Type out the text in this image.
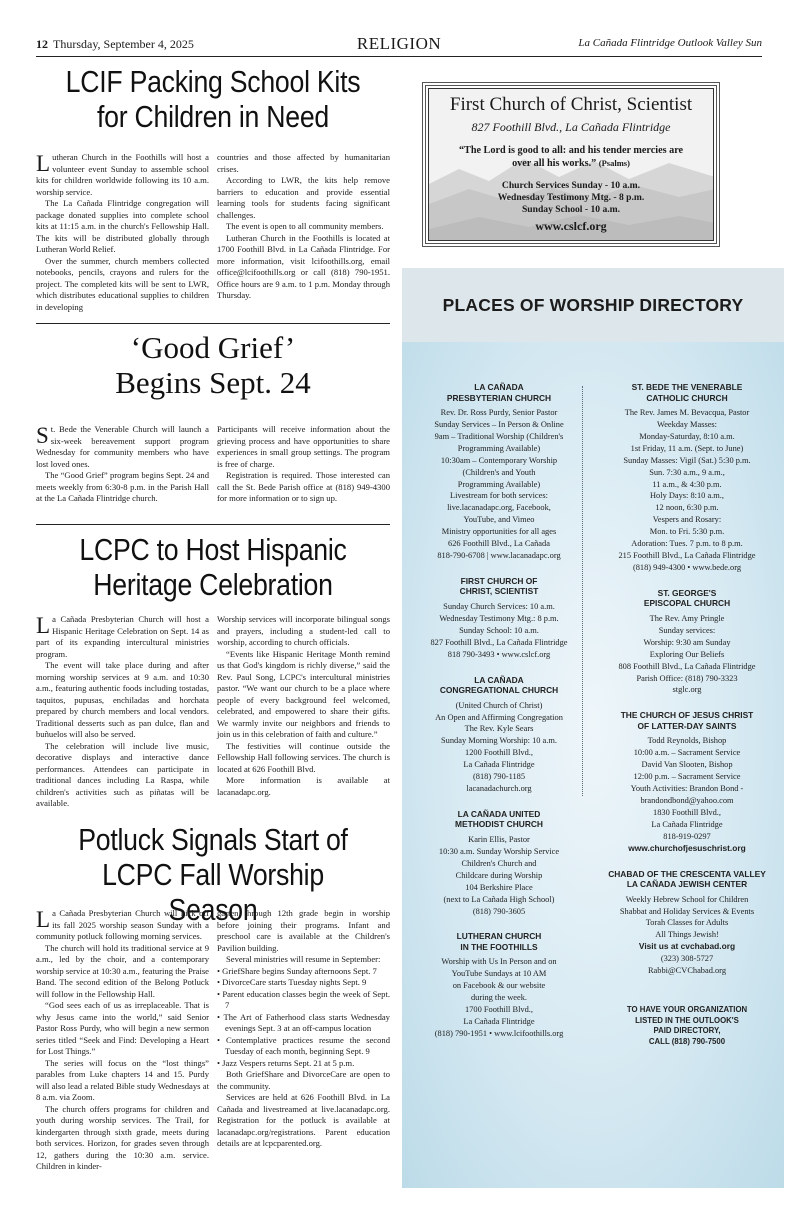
12 Thursday, September 4, 2025	RELIGION	La Cañada Flintridge Outlook Valley Sun
LCIF Packing School Kits
for Children in Need

Lutheran Church in the Foothills will host a volunteer event Sunday to assemble school kits for children worldwide following its 10 a.m. worship service.

The La Cañada Flintridge congregation will package donated supplies into complete school kits at 11:15 a.m. in the church's Fellowship Hall. The kits will be distributed globally through Lutheran World Relief.

Over the summer, church members collected notebooks, pencils, crayons and rulers for the project. The completed kits will be sent to LWR, which distributes educational supplies to children in developing

countries and those affected by humanitarian crises.

According to LWR, the kits help remove barriers to education and provide essential learning tools for students facing significant challenges.

The event is open to all community members.

Lutheran Church in the Foothills is located at 1700 Foothill Blvd. in La Cañada Flintridge. For more information, visit lcifoothills.org, email office@lcifoothills.org or call (818) 790-1951. Office hours are 9 a.m. to 1 p.m. Monday through Thursday.

‘Good Grief’
Begins Sept. 24

St. Bede the Venerable Church will launch a six-week bereavement support program Wednesday for community members who have lost loved ones.

The “Good Grief” program begins Sept. 24 and meets weekly from 6:30-8 p.m. in the Parish Hall at the La Cañada Flintridge church.

Participants will receive information about the grieving process and have opportunities to share experiences in small group settings. The program is free of charge.

Registration is required. Those interested can call the St. Bede Parish office at (818) 949-4300 for more information or to sign up.

LCPC to Host Hispanic
Heritage Celebration

La Cañada Presbyterian Church will host a Hispanic Heritage Celebration on Sept. 14 as part of its expanding intercultural ministries program.

The event will take place during and after morning worship services at 9 a.m. and 10:30 a.m., featuring authentic foods including tostadas, taquitos, pupusas, enchiladas and horchata prepared by church members and local vendors. Traditional desserts such as pan dulce, flan and buñuelos will also be served.

The celebration will include live music, decorative displays and interactive dance performances. Attendees can participate in traditional dances including La Raspa, while children's activities such as piñatas will be available.

Worship services will incorporate bilingual songs and prayers, including a student-led call to worship, according to church officials.

“Events like Hispanic Heritage Month remind us that God's kingdom is richly diverse,” said the Rev. Paul Song, LCPC's intercultural ministries pastor. “We want our church to be a place where people of every background feel welcomed, celebrated, and empowered to share their gifts. We warmly invite our neighbors and friends to join us in this celebration of faith and culture.”

The festivities will continue outside the Fellowship Hall following services. The church is located at 626 Foothill Blvd.

More information is available at lacanadapc.org.

Potluck Signals Start of
LCPC Fall Worship Season

La Cañada Presbyterian Church will kick off its fall 2025 worship season Sunday with a community potluck following morning services.

The church will hold its traditional service at 9 a.m., led by the choir, and a contemporary worship service at 10:30 a.m., featuring the Praise Band. The second edition of the Belong Potluck will follow in the Fellowship Hall.

“God sees each of us as irreplaceable. That is why Jesus came into the world,” said Senior Pastor Ross Purdy, who will begin a new sermon series titled “Seek and Find: Developing a Heart for Lost Things.”

The series will focus on the “lost things” parables from Luke chapters 14 and 15. Purdy will also lead a related Bible study Wednesdays at 8 a.m. via Zoom.

The church offers programs for children and youth during worship services. The Trail, for kindergarten through sixth grade, meets during both services. Horizon, for grades seven through 12, gathers during the 10:30 a.m. service. Children in kinder-

garten through 12th grade begin in worship before joining their programs. Infant and preschool care is available at the Children's Pavilion building.

Several ministries will resume in September:

• GriefShare begins Sunday afternoons Sept. 7
• DivorceCare starts Tuesday nights Sept. 9
• Parent education classes begin the week of Sept. 7
• The Art of Fatherhood class starts Wednesday evenings Sept. 3 at an off-campus location
• Contemplative practices resume the second Tuesday of each month, beginning Sept. 9
• Jazz Vespers returns Sept. 21 at 5 p.m.

Both GriefShare and DivorceCare are open to the community.

Services are held at 626 Foothill Blvd. in La Cañada and livestreamed at live.lacanadapc.org. Registration for the potluck is available at lacanadapc.org/registrations. Parent education details are at lcpcparented.org.

First Church of Christ, Scientist
827 Foothill Blvd., La Cañada Flintridge
“The Lord is good to all: and his tender mercies are over all his works.” (Psalms)
Church Services Sunday - 10 a.m.
Wednesday Testimony Mtg. - 8 p.m.
Sunday School - 10 a.m.
www.cslcf.org
PLACES OF WORSHIP DIRECTORY
LA CAÑADA
PRESBYTERIAN CHURCH
Rev. Dr. Ross Purdy, Senior Pastor
Sunday Services – In Person & Online
9am – Traditional Worship (Children's
Programming Available)
10:30am – Contemporary Worship
(Children's and Youth
Programming Available)
Livestream for both services:
live.lacanadapc.org, Facebook,
YouTube, and Vimeo
Ministry opportunities for all ages
626 Foothill Blvd., La Cañada
818-790-6708 | www.lacanadapc.org
FIRST CHURCH OF
CHRIST, SCIENTIST
Sunday Church Services: 10 a.m.
Wednesday Testimony Mtg.: 8 p.m.
Sunday School: 10 a.m.
827 Foothill Blvd., La Cañada Flintridge
818 790-3493 • www.cslcf.org
LA CAÑADA
CONGREGATIONAL CHURCH
(United Church of Christ)
An Open and Affirming Congregation
The Rev. Kyle Sears
Sunday Morning Worship: 10 a.m.
1200 Foothill Blvd.,
La Cañada Flintridge
(818) 790-1185
lacanadachurch.org
LA CAÑADA UNITED
METHODIST CHURCH
Karin Ellis, Pastor
10:30 a.m. Sunday Worship Service
Children's Church and
Childcare during Worship
104 Berkshire Place
(next to La Cañada High School)
(818) 790-3605
LUTHERAN CHURCH
IN THE FOOTHILLS
Worship with Us In Person and on
YouTube Sundays at 10 AM
on Facebook & our website
during the week.
1700 Foothill Blvd.,
La Cañada Flintridge
(818) 790-1951 • www.lcifoothills.org
ST. BEDE THE VENERABLE
CATHOLIC CHURCH
The Rev. James M. Bevacqua, Pastor
Weekday Masses:
Monday-Saturday, 8:10 a.m.
1st Friday, 11 a.m. (Sept. to June)
Sunday Masses: Vigil (Sat.) 5:30 p.m.
Sun. 7:30 a.m., 9 a.m.,
11 a.m., & 4:30 p.m.
Holy Days: 8:10 a.m.,
12 noon, 6:30 p.m.
Vespers and Rosary:
Mon. to Fri. 5:30 p.m.
Adoration: Tues. 7 p.m. to 8 p.m.
215 Foothill Blvd., La Cañada Flintridge
(818) 949-4300 • www.bede.org
ST. GEORGE'S
EPISCOPAL CHURCH
The Rev. Amy Pringle
Sunday services:
Worship: 9:30 am Sunday
Exploring Our Beliefs
808 Foothill Blvd., La Cañada Flintridge
Parish Office: (818) 790-3323
stglc.org
THE CHURCH OF JESUS CHRIST
OF LATTER-DAY SAINTS
Todd Reynolds, Bishop
10:00 a.m. – Sacrament Service
David Van Slooten, Bishop
12:00 p.m. – Sacrament Service
Youth Activities: Brandon Bond -
brandondbond@yahoo.com
1830 Foothill Blvd.,
La Cañada Flintridge
818-919-0297
www.churchofjesuschrist.org
CHABAD OF THE CRESCENTA VALLEY
LA CAÑADA JEWISH CENTER
Weekly Hebrew School for Children
Shabbat and Holiday Services & Events
Torah Classes for Adults
All Things Jewish!
Visit us at cvchabad.org
(323) 308-5727
Rabbi@CVChabad.org
TO HAVE YOUR ORGANIZATION
LISTED IN THE OUTLOOK'S
PAID DIRECTORY,
CALL (818) 790-7500
